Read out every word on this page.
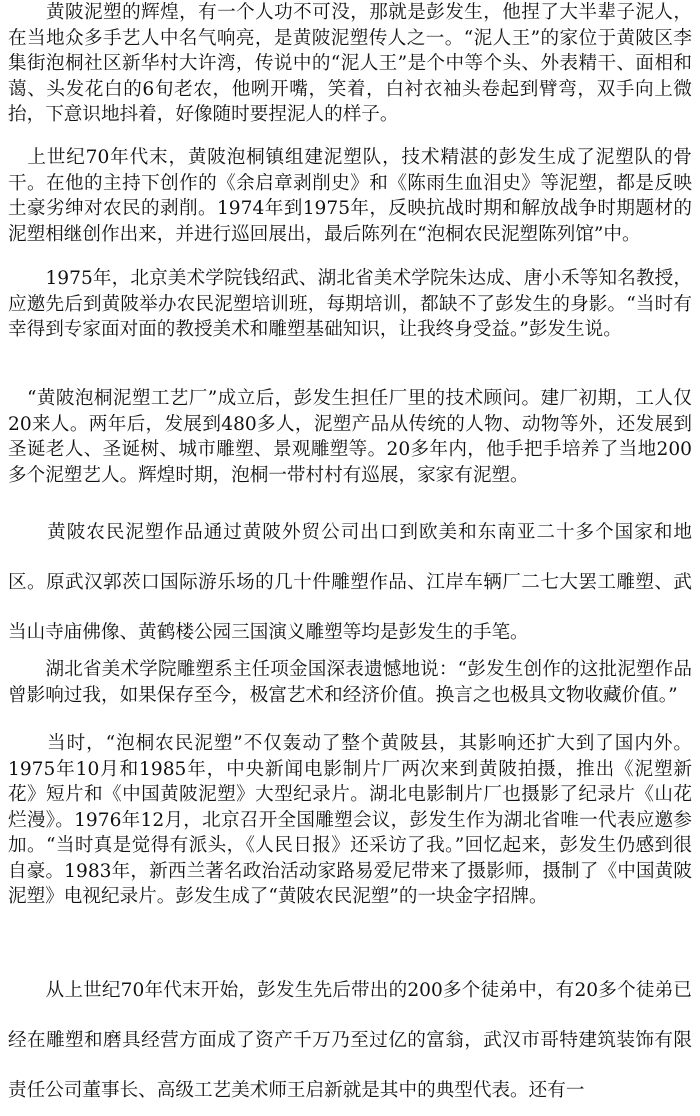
　　黄陂泥塑的辉煌，有一个人功不可没，那就是彭发生，他捏了大半辈子泥人，在当地众多手艺人中名气响亮，是黄陂泥塑传人之一。“泥人王”的家位于黄陂区李集街泡桐社区新华村大许湾，传说中的“泥人王”是个中等个头、外表精干、面相和蔼、头发花白的6旬老农，他咧开嘴，笑着，白衬衣袖头卷起到臂弯，双手向上微抬，下意识地抖着，好像随时要捏泥人的样子。

　上世纪70年代末，黄陂泡桐镇组建泥塑队，技术精湛的彭发生成了泥塑队的骨干。在他的主持下创作的《余启章剥削史》和《陈雨生血泪史》等泥塑，都是反映土豪劣绅对农民的剥削。1974年到1975年，反映抗战时期和解放战争时期题材的泥塑相继创作出来，并进行巡回展出，最后陈列在“泡桐农民泥塑陈列馆”中。

　　1975年，北京美术学院钱绍武、湖北省美术学院朱达成、唐小禾等知名教授，应邀先后到黄陂举办农民泥塑培训班，每期培训，都缺不了彭发生的身影。“当时有幸得到专家面对面的教授美术和雕塑基础知识，让我终身受益。”彭发生说。

　“黄陂泡桐泥塑工艺厂”成立后，彭发生担任厂里的技术顾问。建厂初期，工人仅20来人。两年后，发展到480多人，泥塑产品从传统的人物、动物等外，还发展到圣诞老人、圣诞树、城市雕塑、景观雕塑等。20多年内，他手把手培养了当地200多个泥塑艺人。辉煌时期，泡桐一带村村有巡展，家家有泥塑。

　　黄陂农民泥塑作品通过黄陂外贸公司出口到欧美和东南亚二十多个国家和地区。原武汉郭茨口国际游乐场的几十件雕塑作品、江岸车辆厂二七大罢工雕塑、武当山寺庙佛像、黄鹤楼公园三国演义雕塑等均是彭发生的手笔。

　　湖北省美术学院雕塑系主任项金国深表遗憾地说：“彭发生创作的这批泥塑作品曾影响过我，如果保存至今，极富艺术和经济价值。换言之也极具文物收藏价值。”

　　当时，“泡桐农民泥塑”不仅轰动了整个黄陂县，其影响还扩大到了国内外。1975年10月和1985年，中央新闻电影制片厂两次来到黄陂拍摄，推出《泥塑新花》短片和《中国黄陂泥塑》大型纪录片。湖北电影制片厂也摄影了纪录片《山花烂漫》。1976年12月，北京召开全国雕塑会议，彭发生作为湖北省唯一代表应邀参加。“当时真是觉得有派头，《人民日报》还采访了我。”回忆起来，彭发生仍感到很自豪。1983年，新西兰著名政治活动家路易爱尼带来了摄影师，摄制了《中国黄陂泥塑》电视纪录片。彭发生成了“黄陂农民泥塑”的一块金字招牌。

　　从上世纪70年代末开始，彭发生先后带出的200多个徒弟中，有20多个徒弟已经在雕塑和磨具经营方面成了资产千万乃至过亿的富翁，武汉市哥特建筑装饰有限责任公司董事长、高级工艺美术师王启新就是其中的典型代表。还有一
